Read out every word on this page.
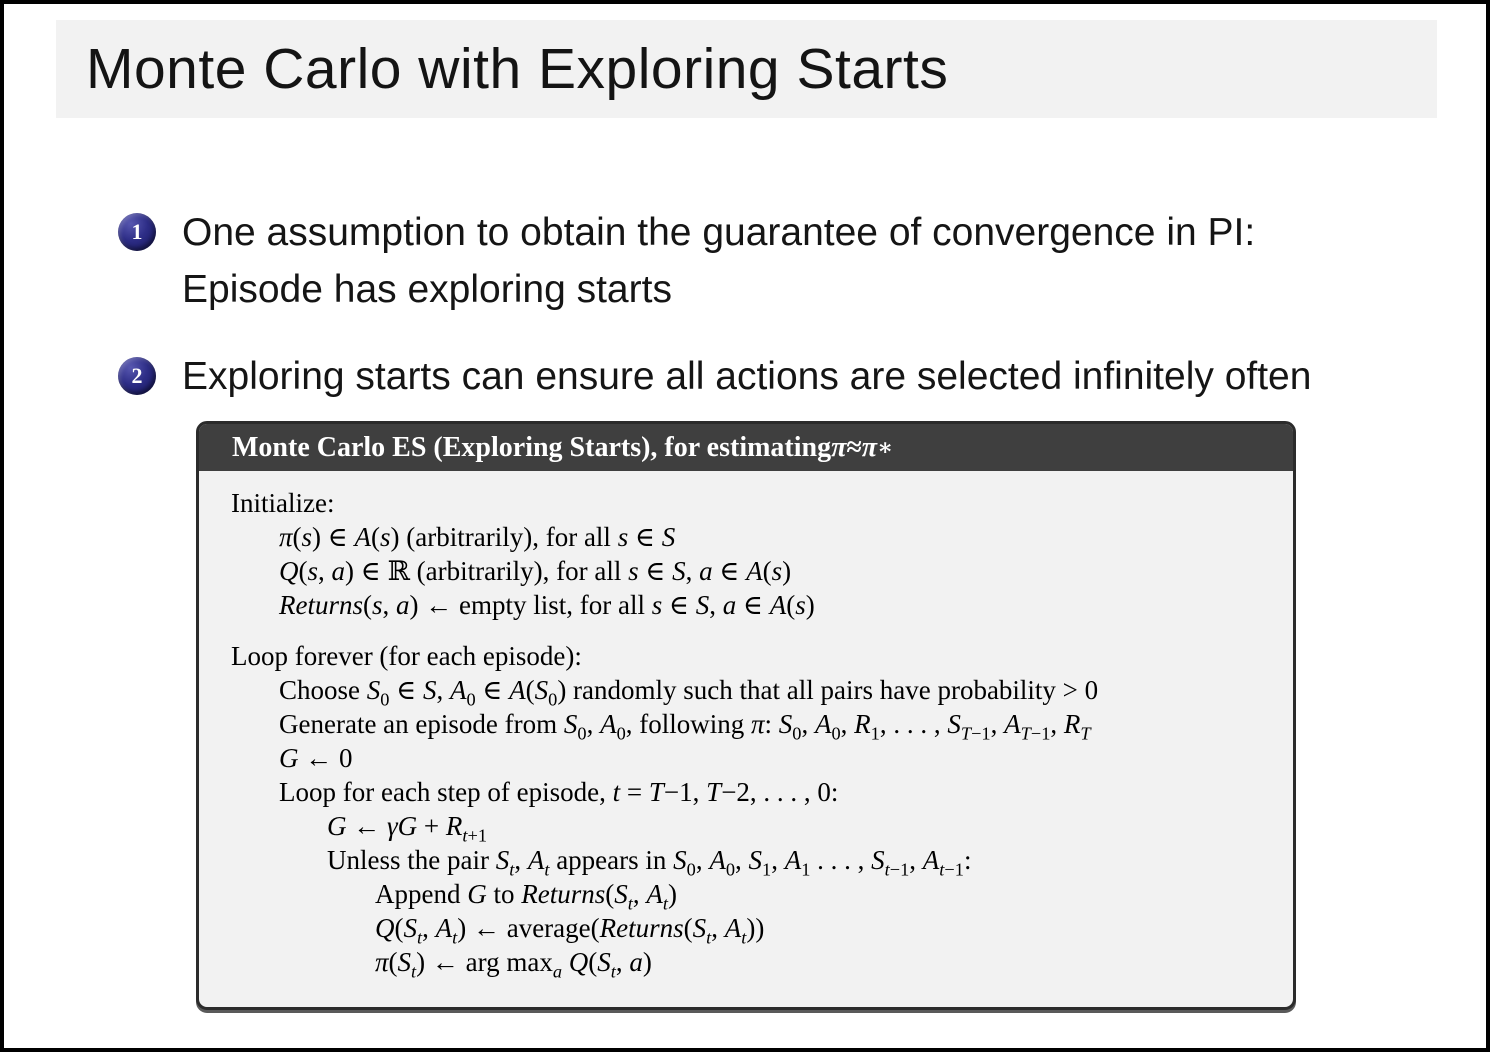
Monte Carlo with Exploring Starts
1 One assumption to obtain the guarantee of convergence in PI:
Episode has exploring starts
2 Exploring starts can ensure all actions are selected infinitely often
Monte Carlo ES (Exploring Starts), for estimating π ≈ π ∗
Initialize:
π(s) ∈ A(s) (arbitrarily), for all s ∈ S
Q(s, a) ∈ ℝ (arbitrarily), for all s ∈ S, a ∈ A(s)
Returns(s, a) ← empty list, for all s ∈ S, a ∈ A(s)
Loop forever (for each episode):
Choose $S_0$ ∈ S, $A_0$ ∈ $A(S_0)$ randomly such that all pairs have probability > 0
Generate an episode from $S_0$, $A_0$, following π: $S_0$, $A_0$, $R_1$, . . . , $S_{T-1}$, $A_{T-1}$, $R_T$
G ← 0
Loop for each step of episode, t = T−1, T−2, . . . , 0:
G ← $\gamma G + R_{t+1}$
Unless the pair $S_t$, $A_t$ appears in $S_0$, $A_0$, $S_1$, $A_1$ . . . , $S_{t-1}$, $A_{t-1}$:
Append G to $Returns(S_t$, $A_t$)
$Q(S_t$, $A_t$) ← $average(Returns(S_t$, $A_t$))
$\pi(S_t)$ ← arg $\max_a Q(S_t$, a)
